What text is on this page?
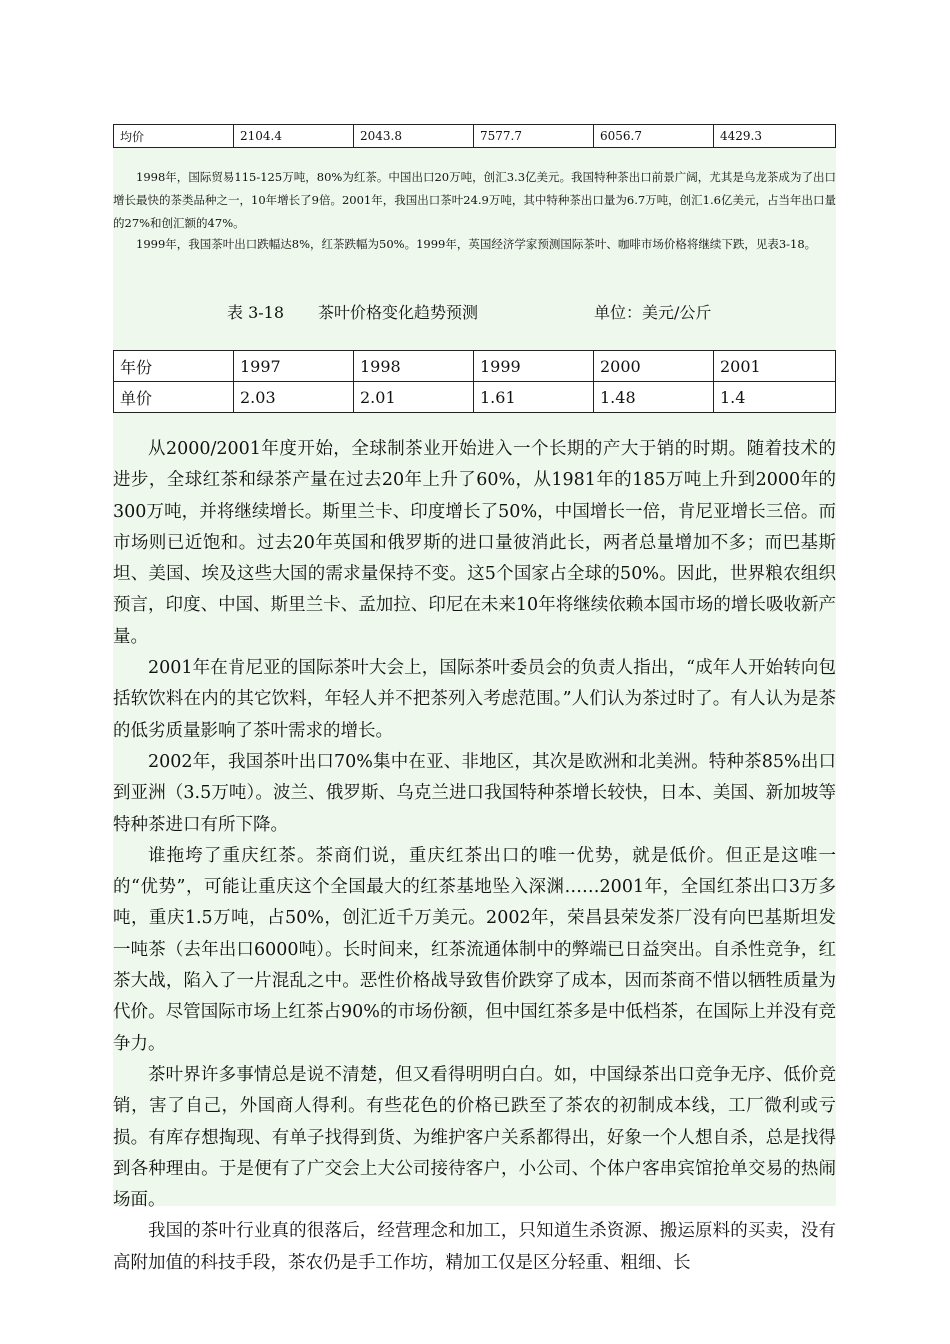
均价	2104.4	2043.8	7577.7	6056.7	4429.3

1998年，国际贸易115-125万吨，80%为红茶。中国出口20万吨，创汇3.3亿美元。我国特种茶出口前景广阔，尤其是乌龙茶成为了出口增长最快的茶类品种之一，10年增长了9倍。2001年，我国出口茶叶24.9万吨，其中特种茶出口量为6.7万吨，创汇1.6亿美元，占当年出口量的27%和创汇额的47%。

1999年，我国茶叶出口跌幅达8%，红茶跌幅为50%。1999年，英国经济学家预测国际茶叶、咖啡市场价格将继续下跌，见表3-18。

表 3-18 茶叶价格变化趋势预测	单位：美元/公斤
年份	1997	1998	1999	2000	2001
单价	2.03	2.01	1.61	1.48	1.4

从2000/2001年度开始，全球制茶业开始进入一个长期的产大于销的时期。随着技术的进步，全球红茶和绿茶产量在过去20年上升了60%，从1981年的185万吨上升到2000年的300万吨，并将继续增长。斯里兰卡、印度增长了50%，中国增长一倍，肯尼亚增长三倍。而市场则已近饱和。过去20年英国和俄罗斯的进口量彼消此长，两者总量增加不多；而巴基斯坦、美国、埃及这些大国的需求量保持不变。这5个国家占全球的50%。因此，世界粮农组织预言，印度、中国、斯里兰卡、孟加拉、印尼在未来10年将继续依赖本国市场的增长吸收新产量。

2001年在肯尼亚的国际茶叶大会上，国际茶叶委员会的负责人指出，“成年人开始转向包括软饮料在内的其它饮料，年轻人并不把茶列入考虑范围。”人们认为茶过时了。有人认为是茶的低劣质量影响了茶叶需求的增长。

2002年，我国茶叶出口70%集中在亚、非地区，其次是欧洲和北美洲。特种茶85%出口到亚洲（3.5万吨）。波兰、俄罗斯、乌克兰进口我国特种茶增长较快，日本、美国、新加坡等特种茶进口有所下降。

谁拖垮了重庆红茶。茶商们说，重庆红茶出口的唯一优势，就是低价。但正是这唯一的“优势”，可能让重庆这个全国最大的红茶基地坠入深渊……2001年，全国红茶出口3万多吨，重庆1.5万吨，占50%，创汇近千万美元。2002年，荣昌县荣发茶厂没有向巴基斯坦发一吨茶（去年出口6000吨）。长时间来，红茶流通体制中的弊端已日益突出。自杀性竞争，红茶大战，陷入了一片混乱之中。恶性价格战导致售价跌穿了成本，因而茶商不惜以牺牲质量为代价。尽管国际市场上红茶占90%的市场份额，但中国红茶多是中低档茶，在国际上并没有竞争力。

茶叶界许多事情总是说不清楚，但又看得明明白白。如，中国绿茶出口竞争无序、低价竞销，害了自己，外国商人得利。有些花色的价格已跌至了茶农的初制成本线，工厂微利或亏损。有库存想掏现、有单子找得到货、为维护客户关系都得出，好象一个人想自杀，总是找得到各种理由。于是便有了广交会上大公司接待客户，小公司、个体户客串宾馆抢单交易的热闹场面。

我国的茶叶行业真的很落后，经营理念和加工，只知道生杀资源、搬运原料的买卖，没有高附加值的科技手段，茶农仍是手工作坊，精加工仅是区分轻重、粗细、长
